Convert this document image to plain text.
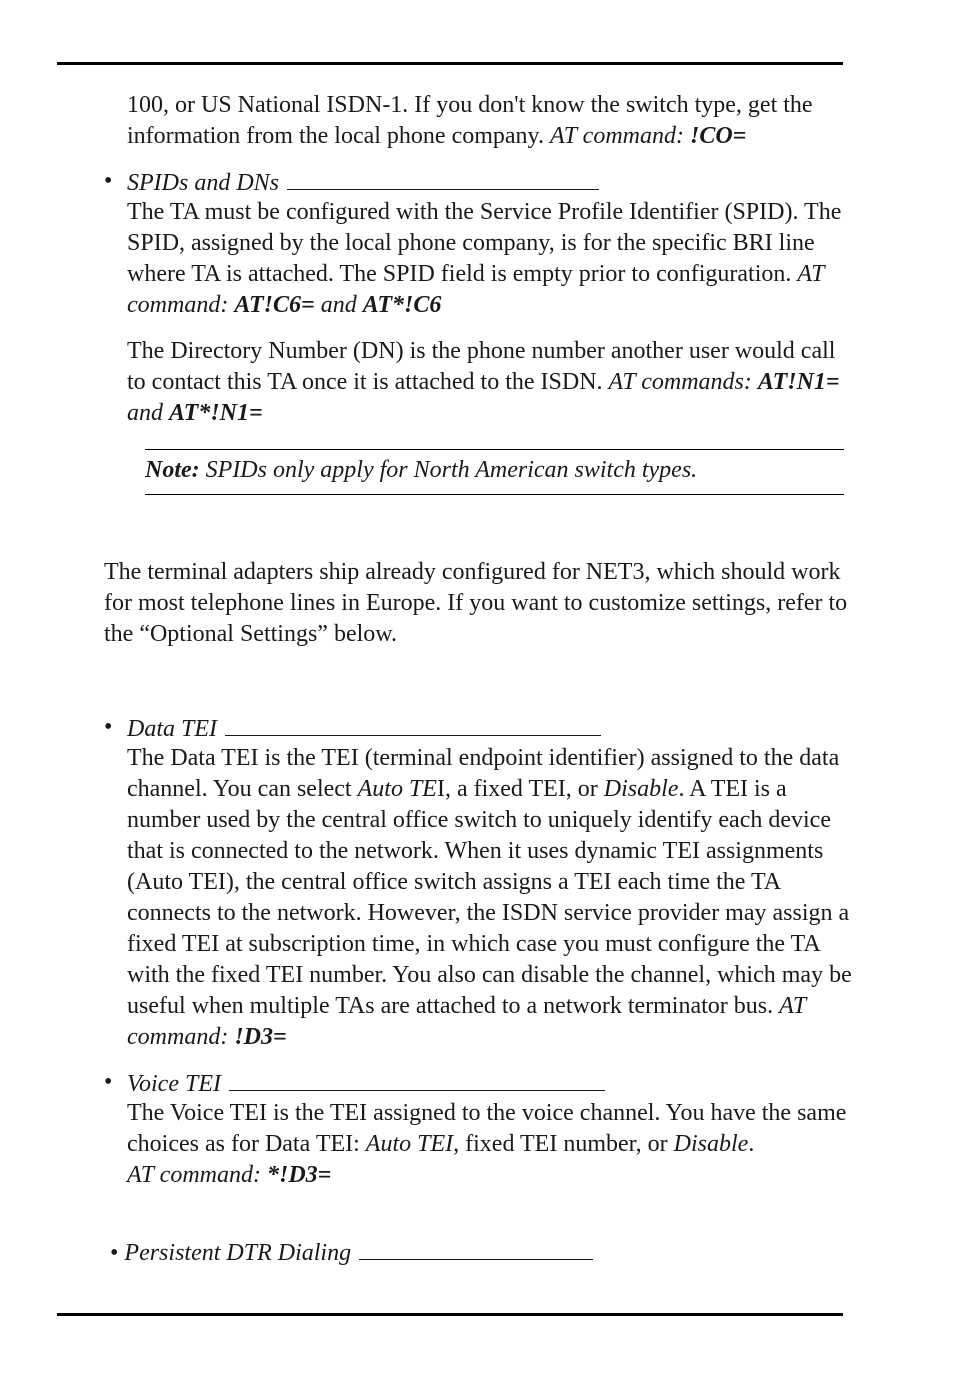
100, or US National ISDN-1. If you don't know the switch type, get the information from the local phone company. AT command: !CO=

• SPIDs and DNs

The TA must be configured with the Service Profile Identifier (SPID). The SPID, assigned by the local phone company, is for the specific BRI line where TA is attached. The SPID field is empty prior to configuration. AT command: AT!C6= and AT*!C6

The Directory Number (DN) is the phone number another user would call to contact this TA once it is attached to the ISDN. AT commands: AT!N1= and AT*!N1=

Note: SPIDs only apply for North American switch types.

The terminal adapters ship already configured for NET3, which should work for most telephone lines in Europe. If you want to customize settings, refer to the “Optional Settings” below.

• Data TEI

The Data TEI is the TEI (terminal endpoint identifier) assigned to the data channel. You can select Auto TEI, a fixed TEI, or Disable. A TEI is a number used by the central office switch to uniquely identify each device that is connected to the network. When it uses dynamic TEI assignments (Auto TEI), the central office switch assigns a TEI each time the TA connects to the network. However, the ISDN service provider may assign a fixed TEI at subscription time, in which case you must configure the TA with the fixed TEI number. You also can disable the channel, which may be useful when multiple TAs are attached to a network terminator bus. AT command: !D3=

• Voice TEI

The Voice TEI is the TEI assigned to the voice channel. You have the same choices as for Data TEI: Auto TEI, fixed TEI number, or Disable.
AT command: *!D3=

• Persistent DTR Dialing
